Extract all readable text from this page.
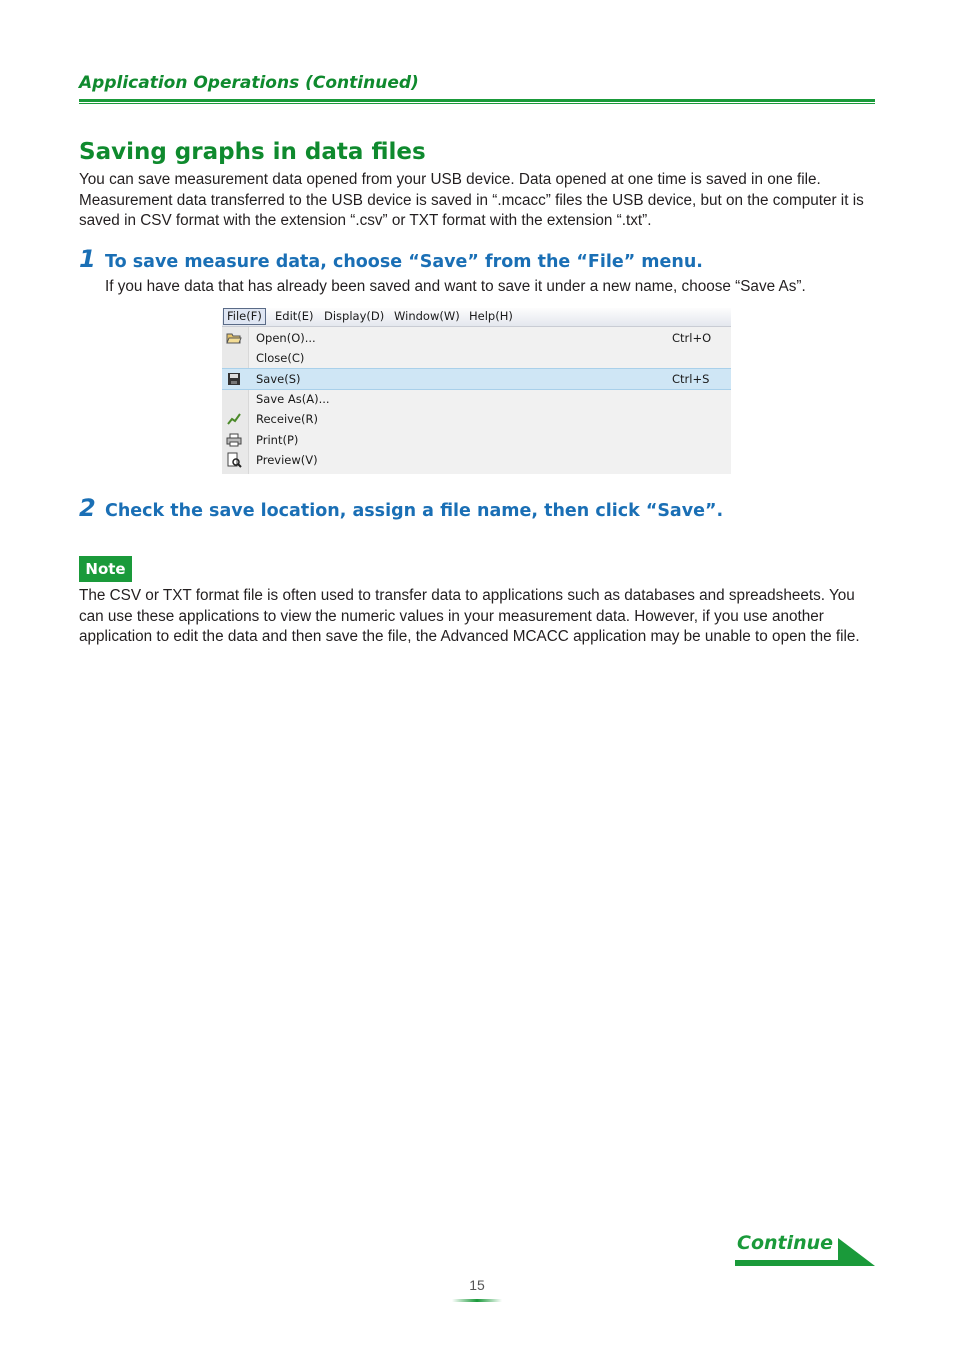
Application Operations (Continued)
Saving graphs in data files
You can save measurement data opened from your USB device. Data opened at one time is saved in one file. Measurement data transferred to the USB device is saved in “.mcacc” files the USB device, but on the computer it is saved in CSV format with the extension “.csv” or TXT format with the extension “.txt”.
1 To save measure data, choose “Save” from the “File” menu.
If you have data that has already been saved and want to save it under a new name, choose “Save As”.
File(F)	Edit(E) Display(D) Window(W) Help(H)
Open(O)...	Ctrl+O
Close(C)
Save(S)	Ctrl+S
Save As(A)...
Receive(R)
Print(P)
Preview(V)
2 Check the save location, assign a file name, then click “Save”.
Note
The CSV or TXT format file is often used to transfer data to applications such as databases and spreadsheets. You can use these applications to view the numeric values in your measurement data. However, if you use another application to edit the data and then save the file, the Advanced MCACC application may be unable to open the file.
Continue
15
